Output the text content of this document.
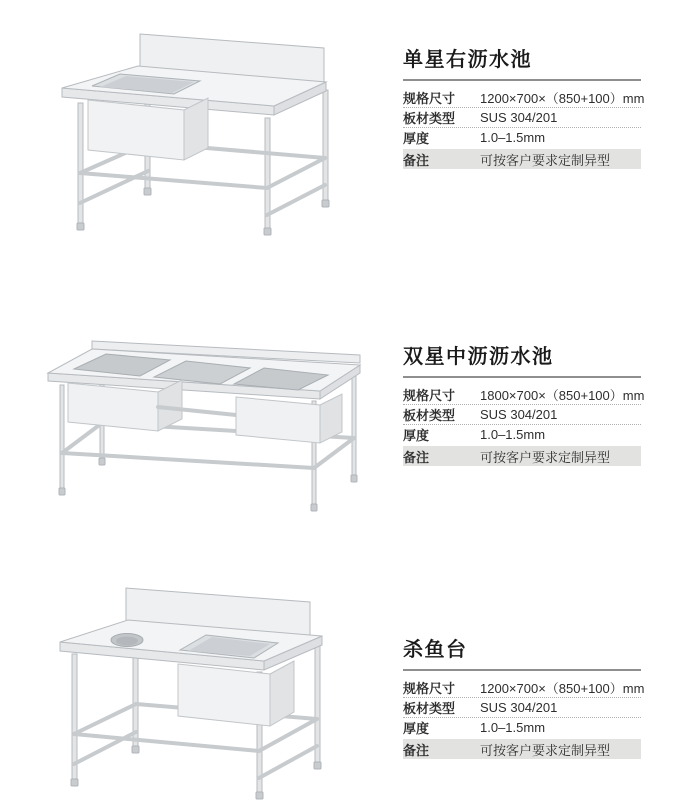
单星右沥水池
规格尺寸	1200×700×（850+100）mm
板材类型	SUS 304/201
厚度	1.0–1.5mm
备注	可按客户要求定制异型
双星中沥沥水池
规格尺寸	1800×700×（850+100）mm
板材类型	SUS 304/201
厚度	1.0–1.5mm
备注	可按客户要求定制异型
杀鱼台
规格尺寸	1200×700×（850+100）mm
板材类型	SUS 304/201
厚度	1.0–1.5mm
备注	可按客户要求定制异型
